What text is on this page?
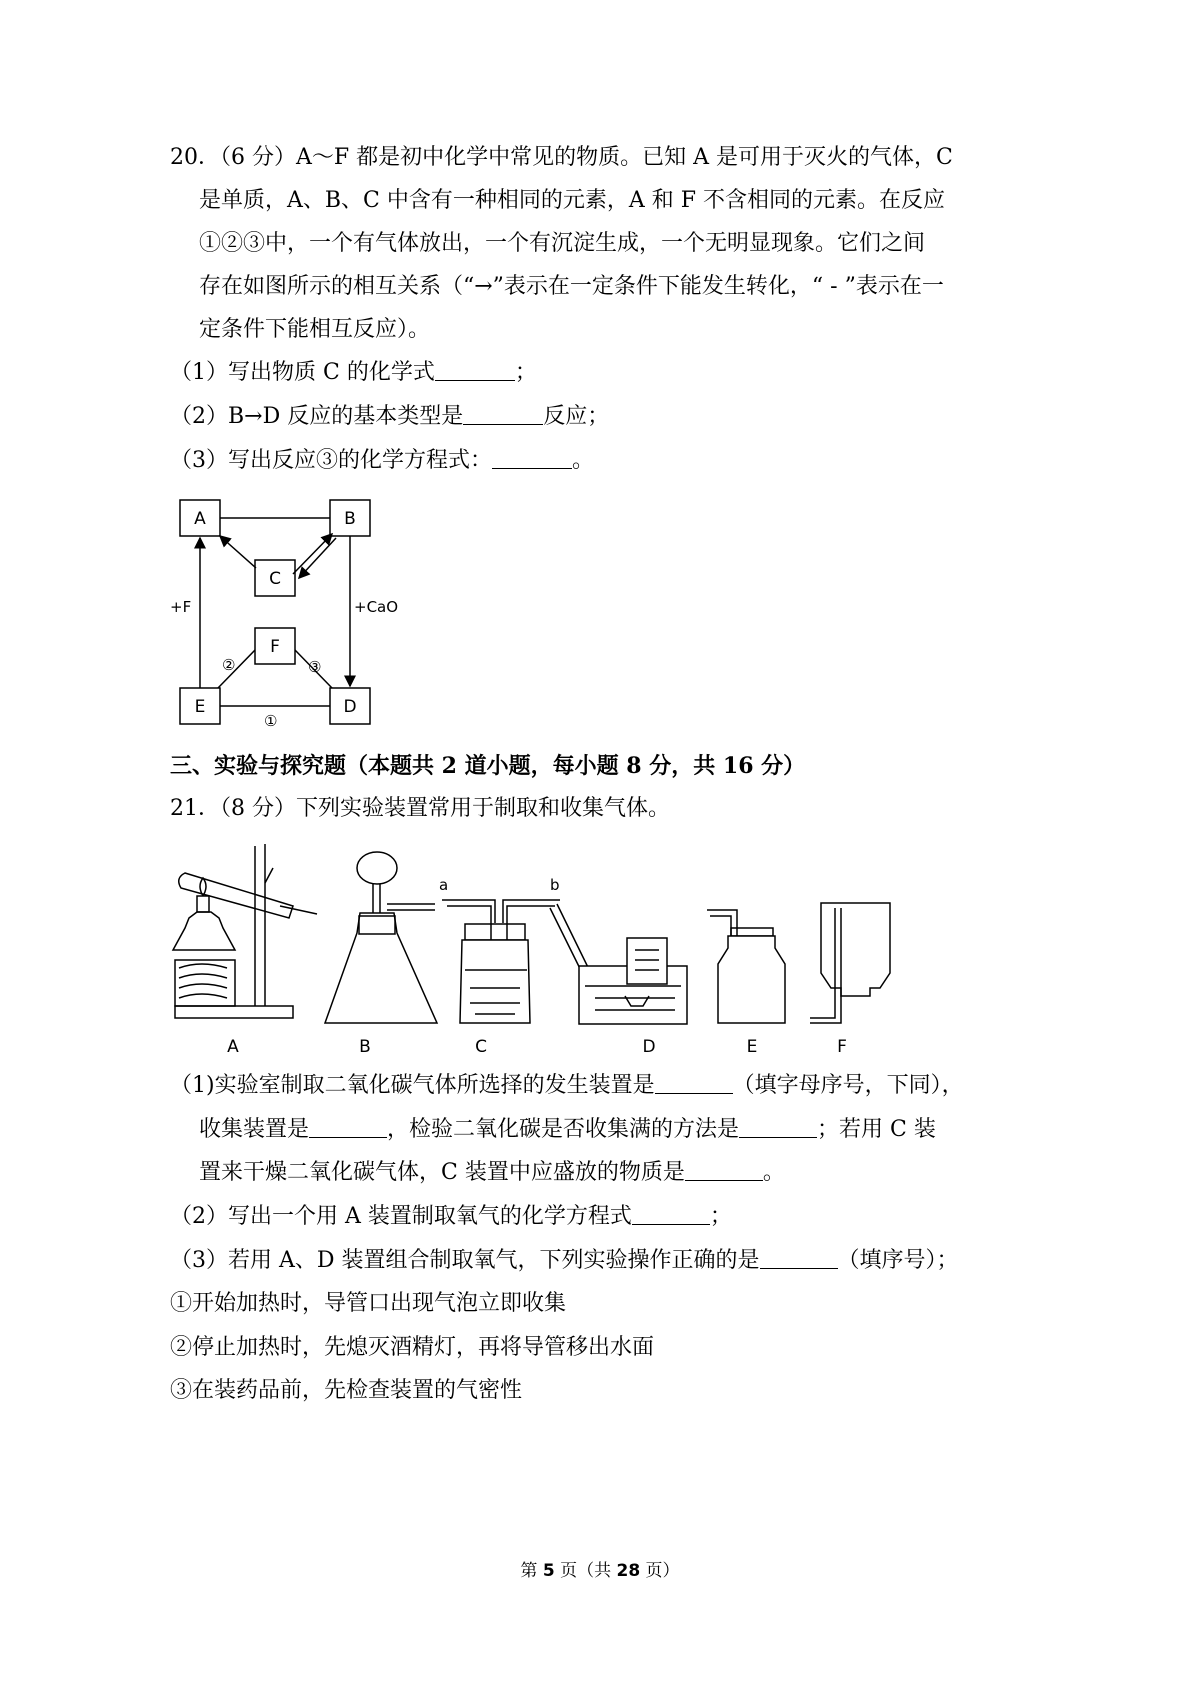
20．（6 分）A～F 都是初中化学中常见的物质。已知 A 是可用于灭火的气体，C
是单质，A、B、C 中含有一种相同的元素，A 和 F 不含相同的元素。在反应
①②③中，一个有气体放出，一个有沉淀生成，一个无明显现象。它们之间
存在如图所示的相互关系（“→”表示在一定条件下能发生转化，“ - ”表示在一
定条件下能相互反应）。
（1）写出物质 C 的化学式	；
（2）B→D 反应的基本类型是	反应；
（3）写出反应③的化学方程式：	。
A	B
C
F
E	D
+F	+CaO
②	③
①
三、实验与探究题（本题共 2 道小题，每小题 8 分，共 16 分）
21．（8 分）下列实验装置常用于制取和收集气体。
a	b
A	B	C	D	E	F
（1)实验室制取二氧化碳气体所选择的发生装置是	（填字母序号，下同），
收集装置是	，检验二氧化碳是否收集满的方法是	；若用 C 装
置来干燥二氧化碳气体，C 装置中应盛放的物质是	。
（2）写出一个用 A 装置制取氧气的化学方程式	；
（3）若用 A、D 装置组合制取氧气，下列实验操作正确的是	（填序号）；
①开始加热时，导管口出现气泡立即收集
②停止加热时，先熄灭酒精灯，再将导管移出水面
③在装药品前，先检查装置的气密性
第 5 页（共 28 页）
